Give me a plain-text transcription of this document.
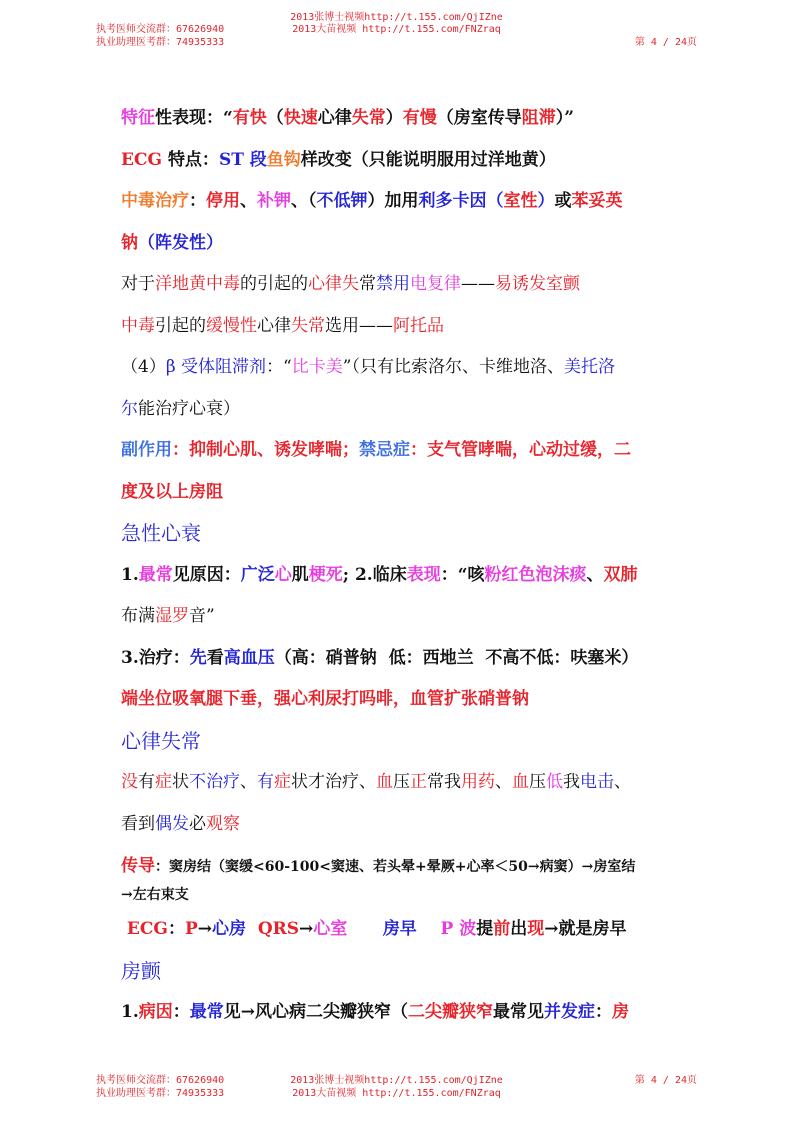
2013张博士视频http://t.155.com/QjIZne
2013大苗视频 http://t.155.com/FNZraq
执考医师交流群：67626940
执业助理医考群：74935333	第 4 / 24页
特征性表现：“有快（快速心律失常）有慢（房室传导阻滞）”
ECG 特点：ST 段鱼钩样改变（只能说明服用过洋地黄）
中毒治疗：停用、补钾、（不低钾）加用利多卡因（室性）或苯妥英
钠（阵发性）
对于洋地黄中毒的引起的心律失常禁用电复律——易诱发室颤
中毒引起的缓慢性心律失常选用——阿托品
（4）β 受体阻滞剂：“比卡美”（只有比索洛尔、卡维地洛、美托洛
尔能治疗心衰）
副作用：抑制心肌、诱发哮喘；禁忌症：支气管哮喘，心动过缓，二
度及以上房阻
急性心衰
1.最常见原因：广泛心肌梗死; 2.临床表现：“咳粉红色泡沫痰、双肺
布满湿罗音”
3.治疗：先看高血压（高：硝普钠  低：西地兰  不高不低：呋塞米）
端坐位吸氧腿下垂，强心利尿打吗啡，血管扩张硝普钠
心律失常
没有症状不治疗、有症状才治疗、血压正常我用药、血压低我电击、
看到偶发必观察
传导：窦房结（窦缓<60-100<窦速、若头晕+晕厥+心率＜50→病窦）→房室结
→左右束支
ECG：P→心房 QRS→心室 房早 P 波提前出现→就是房早
房颤
1.病因：最常见→风心病二尖瓣狭窄（二尖瓣狭窄最常见并发症：房
执考医师交流群：67626940
执业助理医考群：74935333
2013张博士视频http://t.155.com/QjIZne
2013大苗视频 http://t.155.com/FNZraq
第 4 / 24页
